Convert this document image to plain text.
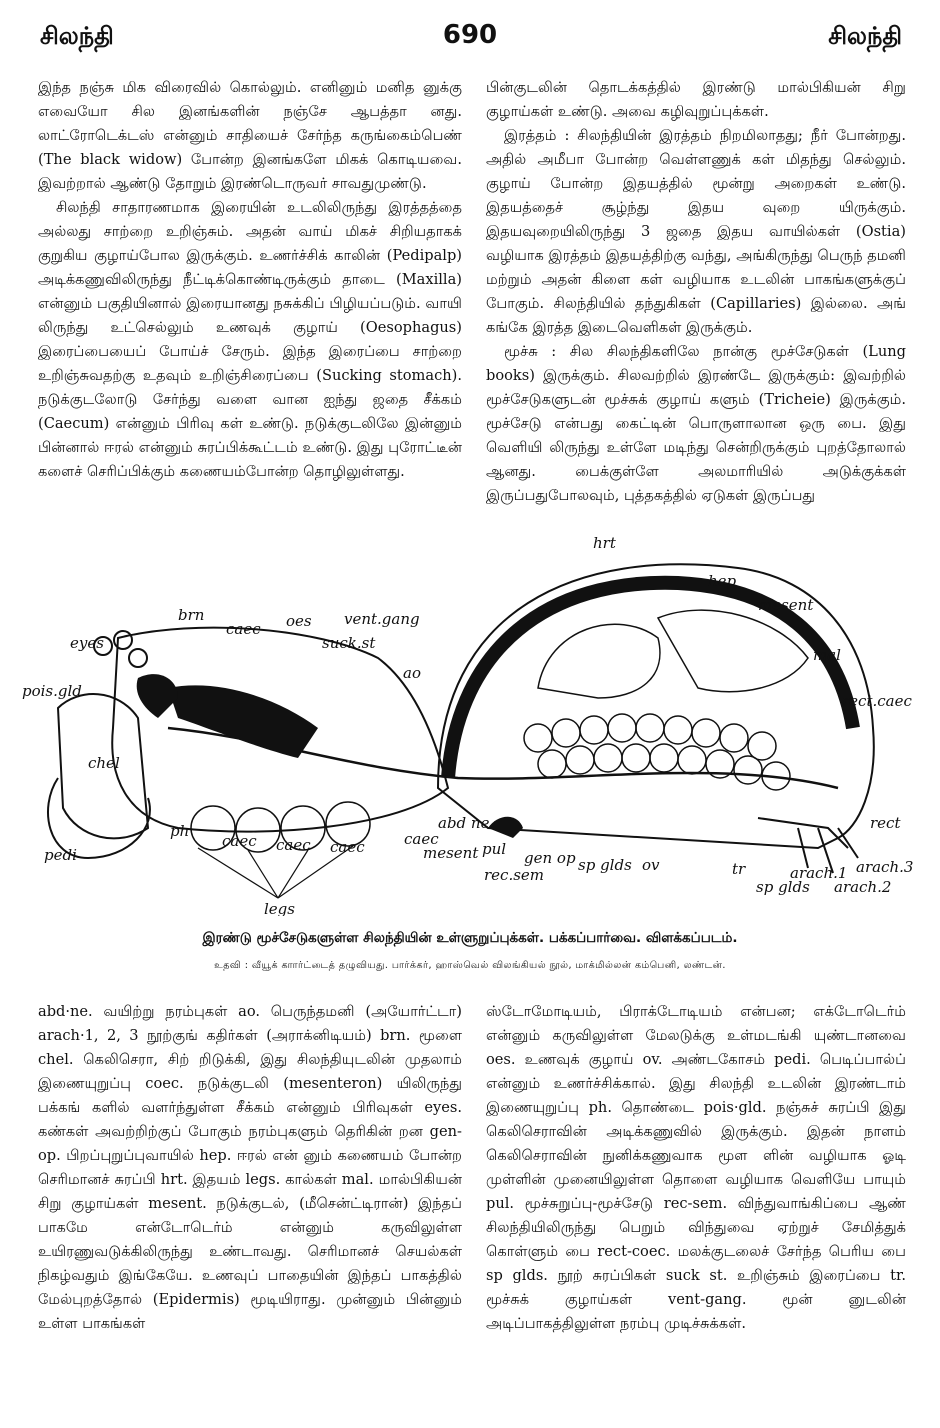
சிலந்தி	690	சிலந்தி

இந்த நஞ்சு மிக விரைவில் கொல்லும். எனினும் மனித னுக்கு எவையோ சில இனங்களின் நஞ்சே ஆபத்தா னது. லாட்ரோடெக்டஸ் என்னும் சாதியைச் சேர்ந்த கருங்கைம்பெண் (The black widow) போன்ற இனங்களே மிகக் கொடியவை. இவற்றால் ஆண்டு தோறும் இரண்டொருவர் சாவதுமுண்டு.

சிலந்தி சாதாரணமாக இரையின் உடலிலிருந்து இரத்தத்தை அல்லது சாற்றை உறிஞ்சும். அதன் வாய் மிகச் சிறியதாகக் குறுகிய குழாய்போல இருக்கும். உணர்ச்சிக் காலின் (Pedipalp) அடிக்கணுவிலிருந்து நீட்டிக்கொண்டிருக்கும் தாடை (Maxilla) என்னும் பகுதியினால் இரையானது நசுக்கிப் பிழியப்படும். வாயி லிருந்து உட்செல்லும் உணவுக் குழாய் (Oesophagus) இரைப்பையைப் போய்ச் சேரும். இந்த இரைப்பை சாற்றை உறிஞ்சுவதற்கு உதவும் உறிஞ்சிரைப்பை (Sucking stomach). நடுக்குடலோடு சேர்ந்து வளை வான ஐந்து ஜதை சீக்கம் (Caecum) என்னும் பிரிவு கள் உண்டு. நடுக்குடலிலே இன்னும் பின்னால் ஈரல் என்னும் சுரப்பிக்கூட்டம் உண்டு. இது புரோட்டீன் களைச் செரிப்பிக்கும் கணையம்போன்ற தொழிலுள்ளது.

பின்குடலின் தொடக்கத்தில் இரண்டு மால்பிகியன் சிறு குழாய்கள் உண்டு. அவை கழிவுறுப்புக்கள்.

இரத்தம் : சிலந்தியின் இரத்தம் நிறமிலாதது; நீர் போன்றது. அதில் அமீபா போன்ற வெள்ளணுக் கள் மிதந்து செல்லும். குழாய் போன்ற இதயத்தில் மூன்று அறைகள் உண்டு. இதயத்தைச் சூழ்ந்து இதய வுறை யிருக்கும். இதயவுறையிலிருந்து 3 ஜதை இதய வாயில்கள் (Ostia) வழியாக இரத்தம் இதயத்திற்கு வந்து, அங்கிருந்து பெருந் தமனி மற்றும் அதன் கிளை கள் வழியாக உடலின் பாகங்களுக்குப் போகும். சிலந்தியில் தந்துகிகள் (Capillaries) இல்லை. அங் கங்கே இரத்த இடைவெளிகள் இருக்கும்.

மூச்சு : சில சிலந்திகளிலே நான்கு மூச்சேடுகள் (Lung books) இருக்கும். சிலவற்றில் இரண்டே இருக்கும்: இவற்றில் மூச்சேடுகளுடன் மூச்சுக் குழாய் களும் (Tricheie) இருக்கும். மூச்சேடு என்பது கைட்டின் பொருளாலான ஒரு பை. இது வெளியி லிருந்து உள்ளே மடிந்து சென்றிருக்கும் புறத்தோலால் ஆனது. பைக்குள்ளே அலமாரியில் அடுக்குக்கள் இருப்பதுபோலவும், புத்தகத்தில் ஏடுகள் இருப்பது

hrt
hep
mesent
mal
rect.caec
brn
caec oes vent.gang
suck.st
ao
eyes
pois.gld
chel
ph
pedi
caec caec caec	caec
abd ne
mesent pul gen op
rec.sem
sp glds ov	tr	arach.1
sp glds arach.2
arach.3
rect
legs
இரண்டு மூச்சேடுகளுள்ள சிலந்தியின் உள்ளுறுப்புக்கள். பக்கப்பார்வை. விளக்கப்படம்.
உதவி : வீயூக் காார்ட்டைத் தழுவியது. பார்க்கர், ஹாஸ்வெல் விலங்கியல் நூல், மாக்மில்லன் கம்பெனி, லண்டன்.

abd·ne. வயிற்று நரம்புகள் ao. பெருந்தமனி (அயோர்ட்டா) arach·1, 2, 3 நூற்குங் கதிர்கள் (அராக்னிடியம்) brn. மூளை chel. கெலிசெரா, சிற் றிடுக்கி, இது சிலந்தியுடலின் முதலாம் இணையுறுப்பு coec. நடுக்குடலி (mesenteron) யிலிருந்து பக்கங் களில் வளர்ந்துள்ள சீக்கம் என்னும் பிரிவுகள் eyes. கண்கள் அவற்றிற்குப் போகும் நரம்புகளும் தெரிகின் றன gen-op. பிறப்புறுப்புவாயில் hep. ஈரல் என் னும் கணையம் போன்ற செரிமானச் சுரப்பி hrt. இதயம் legs. கால்கள் mal. மால்பிகியன் சிறு குழாய்கள் mesent. நடுக்குடல், (மீசென்ட்டிரான்) இந்தப் பாகமே என்டோடெர்ம் என்னும் கருவிலுள்ள உயிரணுவடுக்கிலிருந்து உண்டாவது. செரிமானச் செயல்கள் நிகழ்வதும் இங்கேயே. உணவுப் பாதையின் இந்தப் பாகத்தில் மேல்புறத்தோல் (Epidermis) மூடியிராது. முன்னும் பின்னும் உள்ள பாகங்கள்

ஸ்டோமோடியம், பிராக்டோடியம் என்பன; எக்டோடெர்ம் என்னும் கருவிலுள்ள மேலடுக்கு உள்மடங்கி யுண்டானவை oes. உணவுக் குழாய் ov. அண்டகோசம் pedi. பெடிப்பால்ப் என்னும் உணர்ச்சிக்கால். இது சிலந்தி உடலின் இரண்டாம் இணையுறுப்பு ph. தொண்டை pois·gld. நஞ்சுச் சுரப்பி இது கெலிசெராவின் அடிக்கணுவில் இருக்கும். இதன் நாளம் கெலிசெராவின் நுனிக்கணுவாக மூள ளின் வழியாக ஓடி முள்ளின் முனையிலுள்ள தொளை வழியாக வெளியே பாயும் pul. மூச்சுறுப்பு-மூச்சேடு rec-sem. விந்துவாங்கிப்பை ஆண் சிலந்தியிலிருந்து பெறும் விந்துவை ஏற்றுச் சேமித்துக் கொள்ளும் பை rect-coec. மலக்குடலைச் சேர்ந்த பெரிய பை sp glds. நூற் சுரப்பிகள் suck st. உறிஞ்சும் இரைப்பை tr. மூச்சுக் குழாய்கள் vent-gang. மூன் னுடலின் அடிப்பாகத்திலுள்ள நரம்பு முடிச்சுக்கள்.
